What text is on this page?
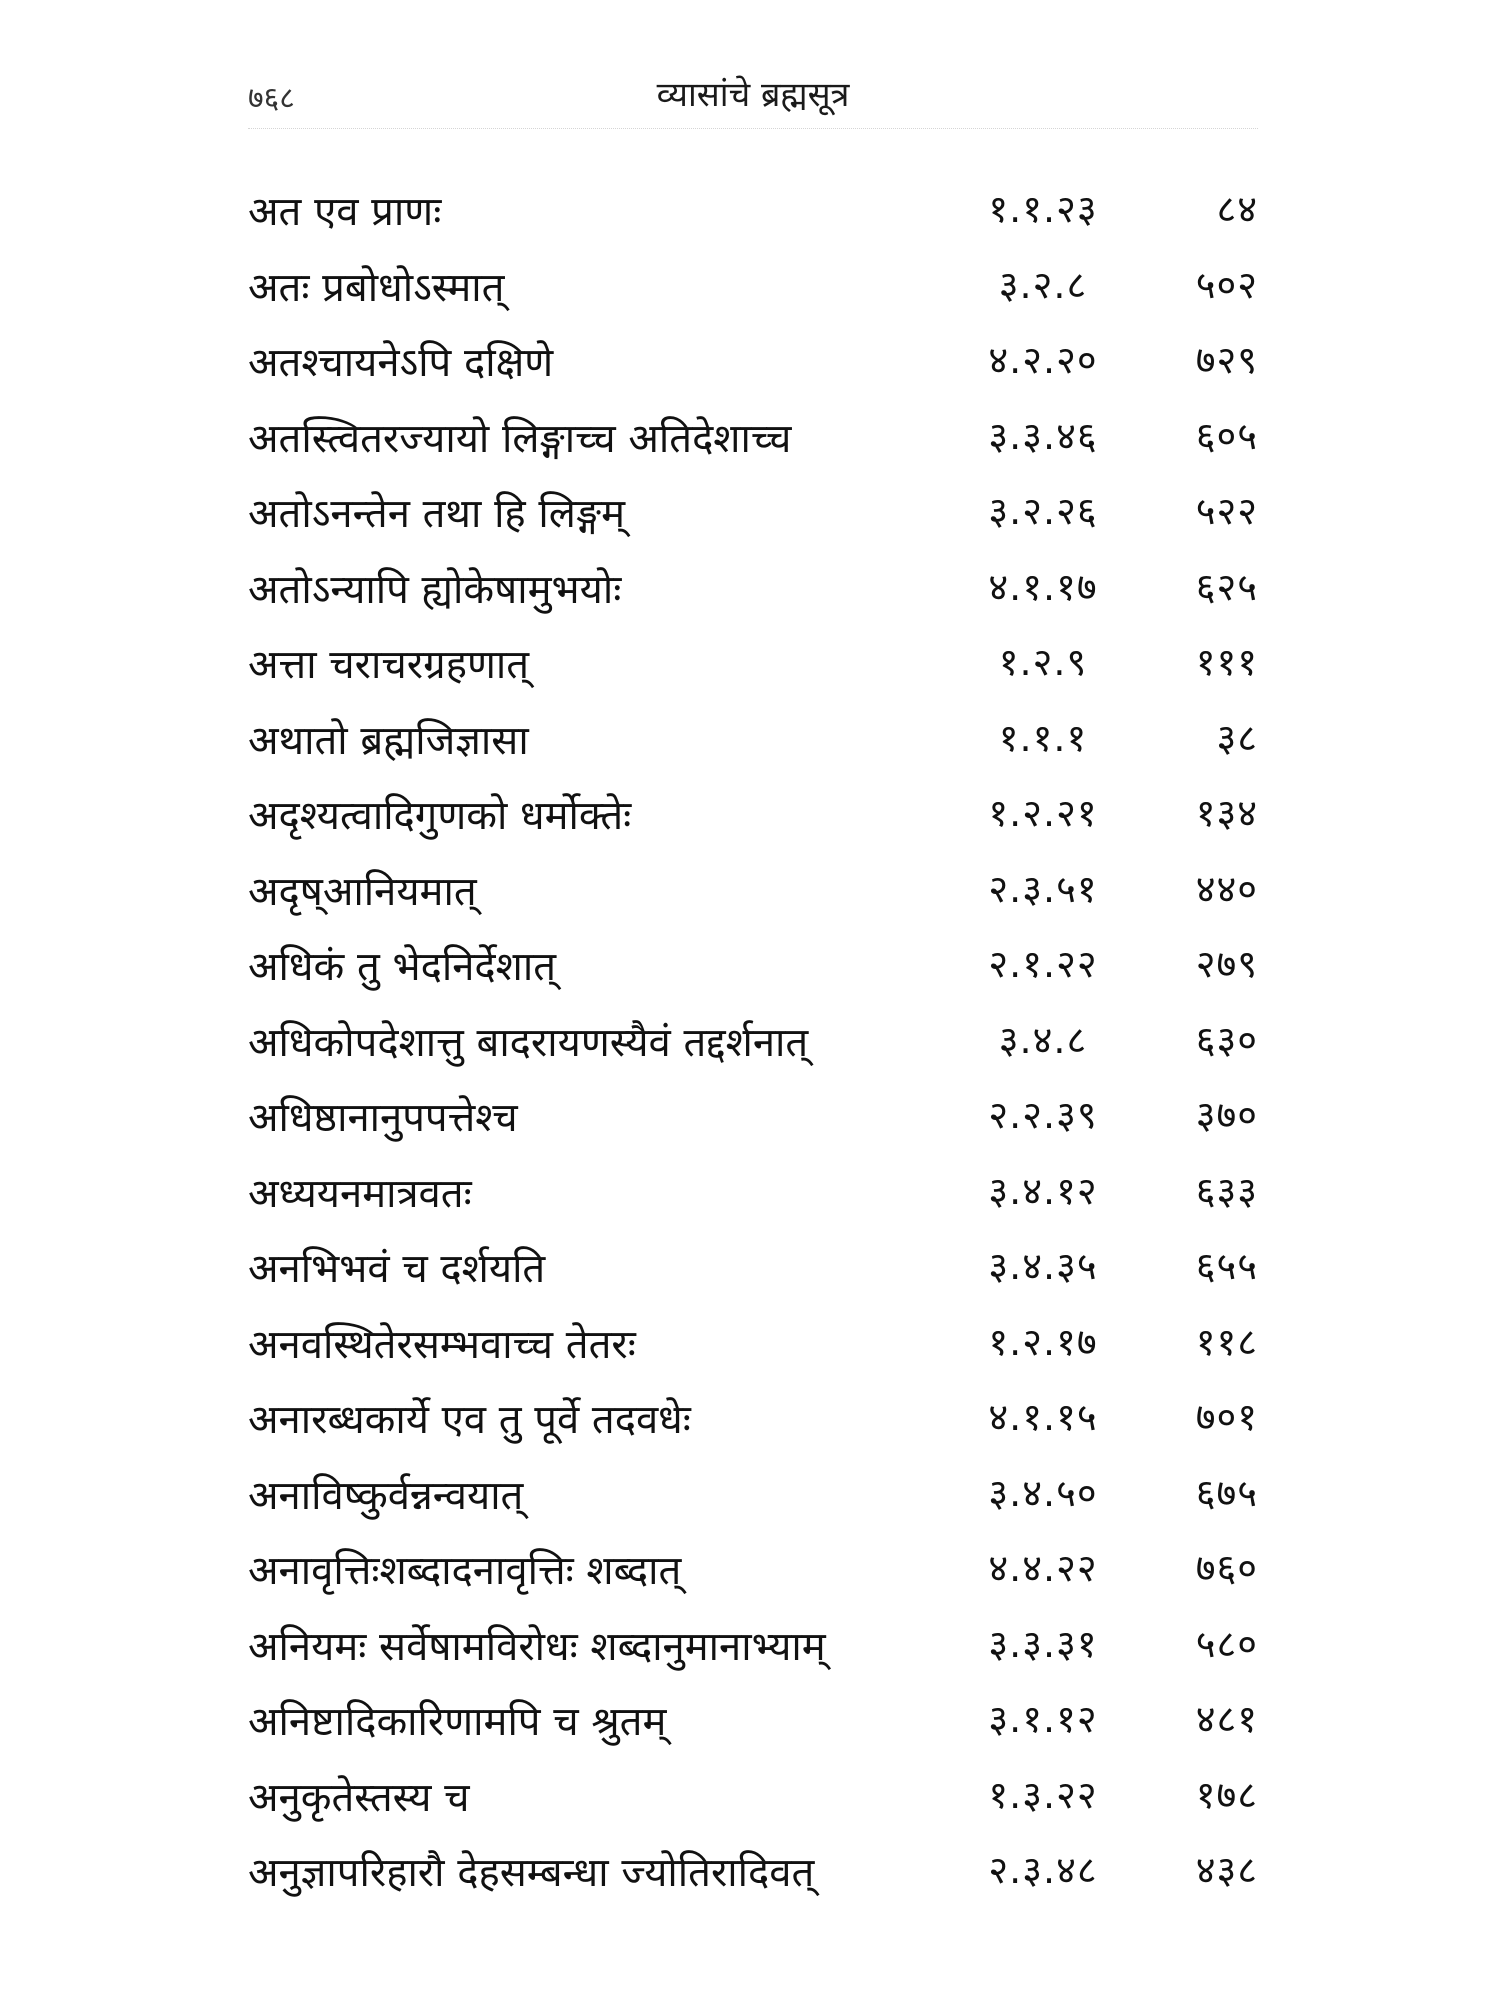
७६८	व्यासांचे ब्रह्मसूत्र
अत एव प्राणः	१.१.२३	८४
अतः प्रबोधोऽस्मात्	३.२.८	५०२
अतश्चायनेऽपि दक्षिणे	४.२.२०	७२९
अतस्त्वितरज्यायो लिङ्गाच्च अतिदेशाच्च	३.३.४६	६०५
अतोऽनन्तेन तथा हि लिङ्गम्	३.२.२६	५२२
अतोऽन्यापि ह्योकेषामुभयोः	४.१.१७	६२५
अत्ता चराचरग्रहणात्	१.२.९	१११
अथातो ब्रह्मजिज्ञासा	१.१.१	३८
अदृश्यत्वादिगुणको धर्मोक्तेः	१.२.२१	१३४
अदृष्आनियमात्	२.३.५१	४४०
अधिकं तु भेदनिर्देशात्	२.१.२२	२७९
अधिकोपदेशात्तु बादरायणस्यैवं तद्दर्शनात्	३.४.८	६३०
अधिष्ठानानुपपत्तेश्च	२.२.३९	३७०
अध्ययनमात्रवतः	३.४.१२	६३३
अनभिभवं च दर्शयति	३.४.३५	६५५
अनवस्थितेरसम्भवाच्च तेतरः	१.२.१७	११८
अनारब्धकार्ये एव तु पूर्वे तदवधेः	४.१.१५	७०१
अनाविष्कुर्वन्नन्वयात्	३.४.५०	६७५
अनावृत्तिःशब्दादनावृत्तिः शब्दात्	४.४.२२	७६०
अनियमः सर्वेषामविरोधः शब्दानुमानाभ्याम्	३.३.३१	५८०
अनिष्टादिकारिणामपि च श्रुतम्	३.१.१२	४८१
अनुकृतेस्तस्य च	१.३.२२	१७८
अनुज्ञापरिहारौ देहसम्बन्धा ज्योतिरादिवत्	२.३.४८	४३८
